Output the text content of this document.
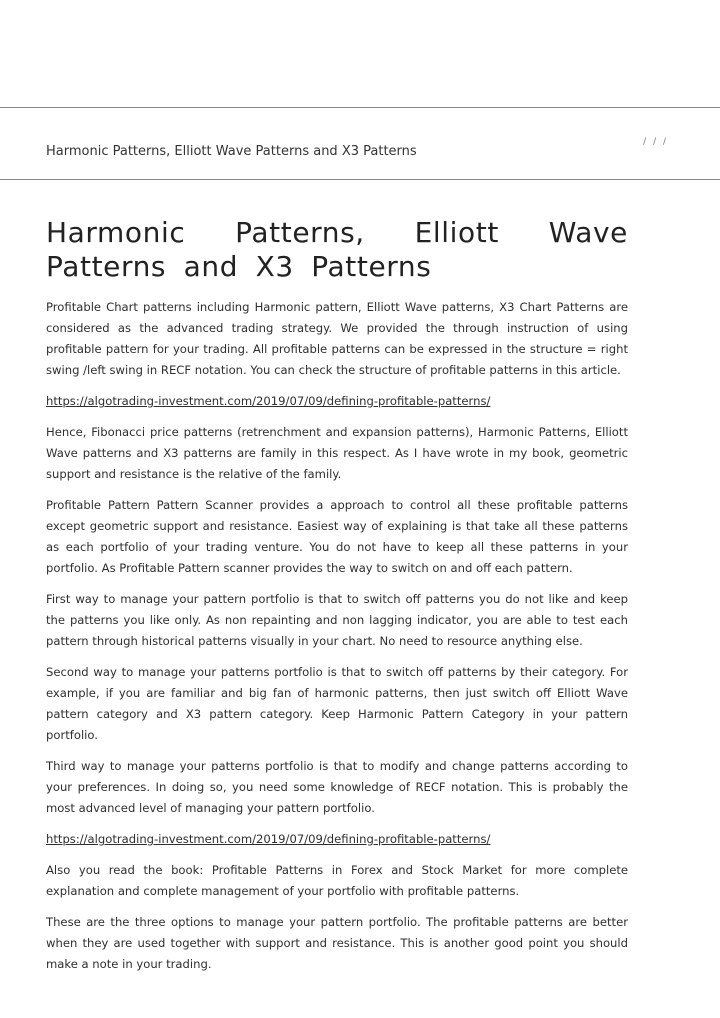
/ / /
Harmonic Patterns, Elliott Wave Patterns and X3 Patterns
Harmonic Patterns, Elliott Wave Patterns and X3 Patterns

Profitable Chart patterns including Harmonic pattern, Elliott Wave patterns, X3 Chart Patterns are considered as the advanced trading strategy. We provided the through instruction of using profitable pattern for your trading. All profitable patterns can be expressed in the structure = right swing /left swing in RECF notation. You can check the structure of profitable patterns in this article.

https://algotrading-investment.com/2019/07/09/defining-profitable-patterns/

Hence, Fibonacci price patterns (retrenchment and expansion patterns), Harmonic Patterns, Elliott Wave patterns and X3 patterns are family in this respect. As I have wrote in my book, geometric support and resistance is the relative of the family.

Profitable Pattern Pattern Scanner provides a approach to control all these profitable patterns except geometric support and resistance. Easiest way of explaining is that take all these patterns as each portfolio of your trading venture. You do not have to keep all these patterns in your portfolio. As Profitable Pattern scanner provides the way to switch on and off each pattern.

First way to manage your pattern portfolio is that to switch off patterns you do not like and keep the patterns you like only. As non repainting and non lagging indicator, you are able to test each pattern through historical patterns visually in your chart. No need to resource anything else.

Second way to manage your patterns portfolio is that to switch off patterns by their category. For example, if you are familiar and big fan of harmonic patterns, then just switch off Elliott Wave pattern category and X3 pattern category. Keep Harmonic Pattern Category in your pattern portfolio.

Third way to manage your patterns portfolio is that to modify and change patterns according to your preferences. In doing so, you need some knowledge of RECF notation. This is probably the most advanced level of managing your pattern portfolio.

https://algotrading-investment.com/2019/07/09/defining-profitable-patterns/

Also you read the book: Profitable Patterns in Forex and Stock Market for more complete explanation and complete management of your portfolio with profitable patterns.

These are the three options to manage your pattern portfolio. The profitable patterns are better when they are used together with support and resistance. This is another good point you should make a note in your trading.
